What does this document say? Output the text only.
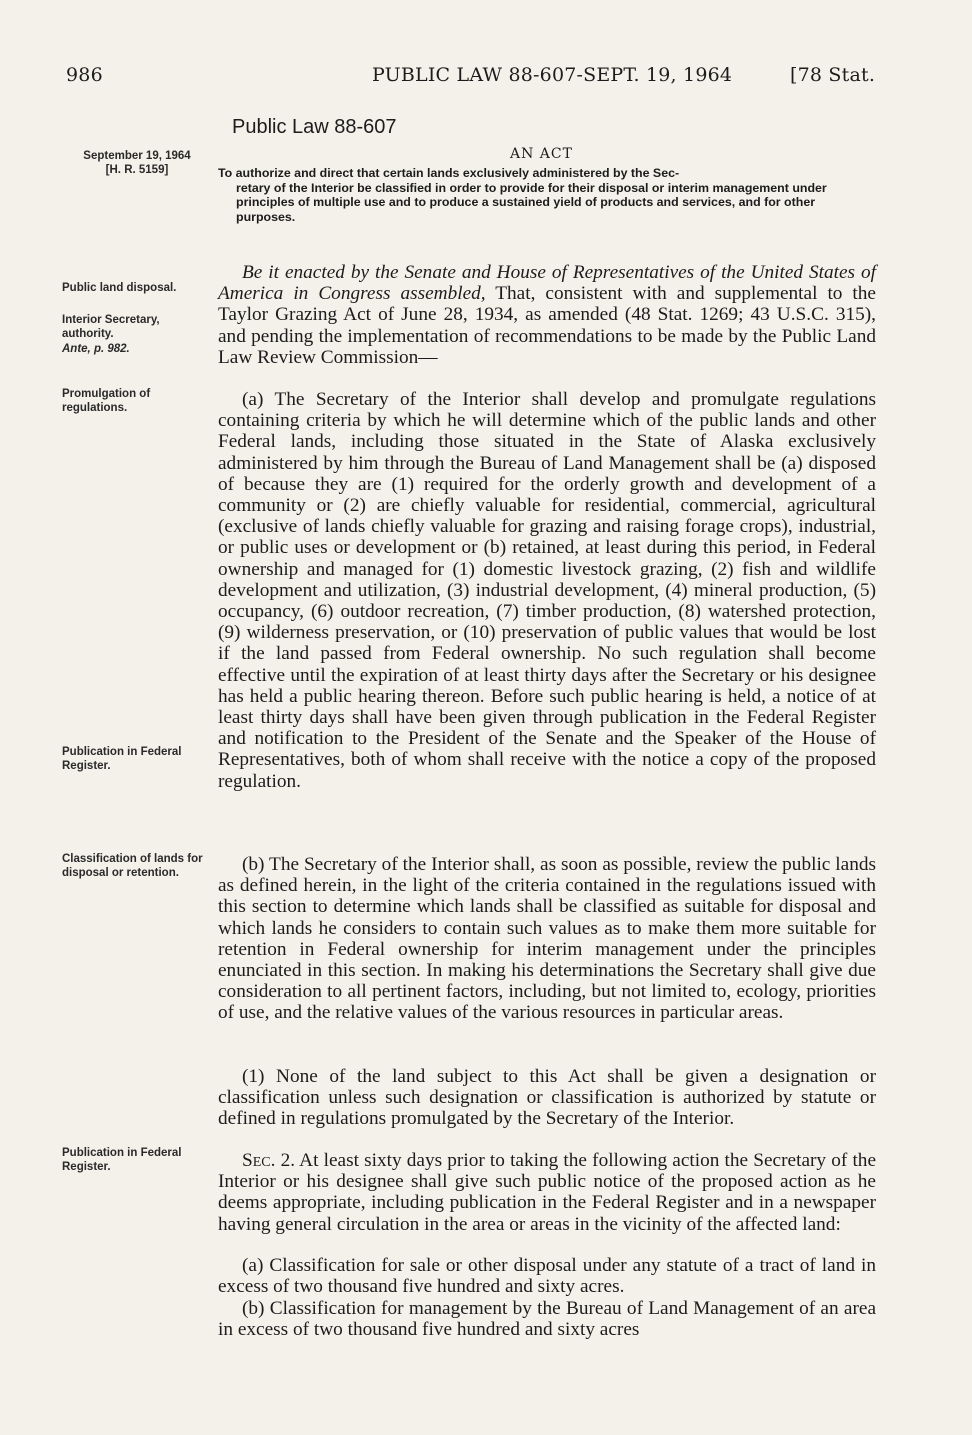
986	PUBLIC LAW 88-607-SEPT. 19, 1964	[78 Stat.
Public Law 88-607
September 19, 1964
[H. R. 5159]
AN ACT
To authorize and direct that certain lands exclusively administered by the Sec-
retary of the Interior be classified in order to provide for their disposal or interim management under principles of multiple use and to produce a sustained yield of products and services, and for other purposes.
Public land disposal.
Interior Secretary, authority.
Ante, p. 982.
Promulgation of regulations.
Publication in Federal Register.
Classification of lands for disposal or retention.
Publication in Federal Register.

Be it enacted by the Senate and House of Representatives of the United States of America in Congress assembled, That, consistent with and supplemental to the Taylor Grazing Act of June 28, 1934, as amended (48 Stat. 1269; 43 U.S.C. 315), and pending the implementation of recommendations to be made by the Public Land Law Review Commission—

(a) The Secretary of the Interior shall develop and promulgate regulations containing criteria by which he will determine which of the public lands and other Federal lands, including those situated in the State of Alaska exclusively administered by him through the Bureau of Land Management shall be (a) disposed of because they are (1) required for the orderly growth and development of a community or (2) are chiefly valuable for residential, commercial, agricultural (exclusive of lands chiefly valuable for grazing and raising forage crops), industrial, or public uses or development or (b) retained, at least during this period, in Federal ownership and managed for (1) domestic livestock grazing, (2) fish and wildlife development and utilization, (3) industrial development, (4) mineral production, (5) occupancy, (6) outdoor recreation, (7) timber production, (8) watershed protection, (9) wilderness preservation, or (10) preservation of public values that would be lost if the land passed from Federal ownership. No such regulation shall become effective until the expiration of at least thirty days after the Secretary or his designee has held a public hearing thereon. Before such public hearing is held, a notice of at least thirty days shall have been given through publication in the Federal Register and notification to the President of the Senate and the Speaker of the House of Representatives, both of whom shall receive with the notice a copy of the proposed regulation.

(b) The Secretary of the Interior shall, as soon as possible, review the public lands as defined herein, in the light of the criteria contained in the regulations issued with this section to determine which lands shall be classified as suitable for disposal and which lands he considers to contain such values as to make them more suitable for retention in Federal ownership for interim management under the principles enunciated in this section. In making his determinations the Secretary shall give due consideration to all pertinent factors, including, but not limited to, ecology, priorities of use, and the relative values of the various resources in particular areas.

(1) None of the land subject to this Act shall be given a designation or classification unless such designation or classification is authorized by statute or defined in regulations promulgated by the Secretary of the Interior.

Sec. 2. At least sixty days prior to taking the following action the Secretary of the Interior or his designee shall give such public notice of the proposed action as he deems appropriate, including publication in the Federal Register and in a newspaper having general circulation in the area or areas in the vicinity of the affected land:

(a) Classification for sale or other disposal under any statute of a tract of land in excess of two thousand five hundred and sixty acres.

(b) Classification for management by the Bureau of Land Management of an area in excess of two thousand five hundred and sixty acres
